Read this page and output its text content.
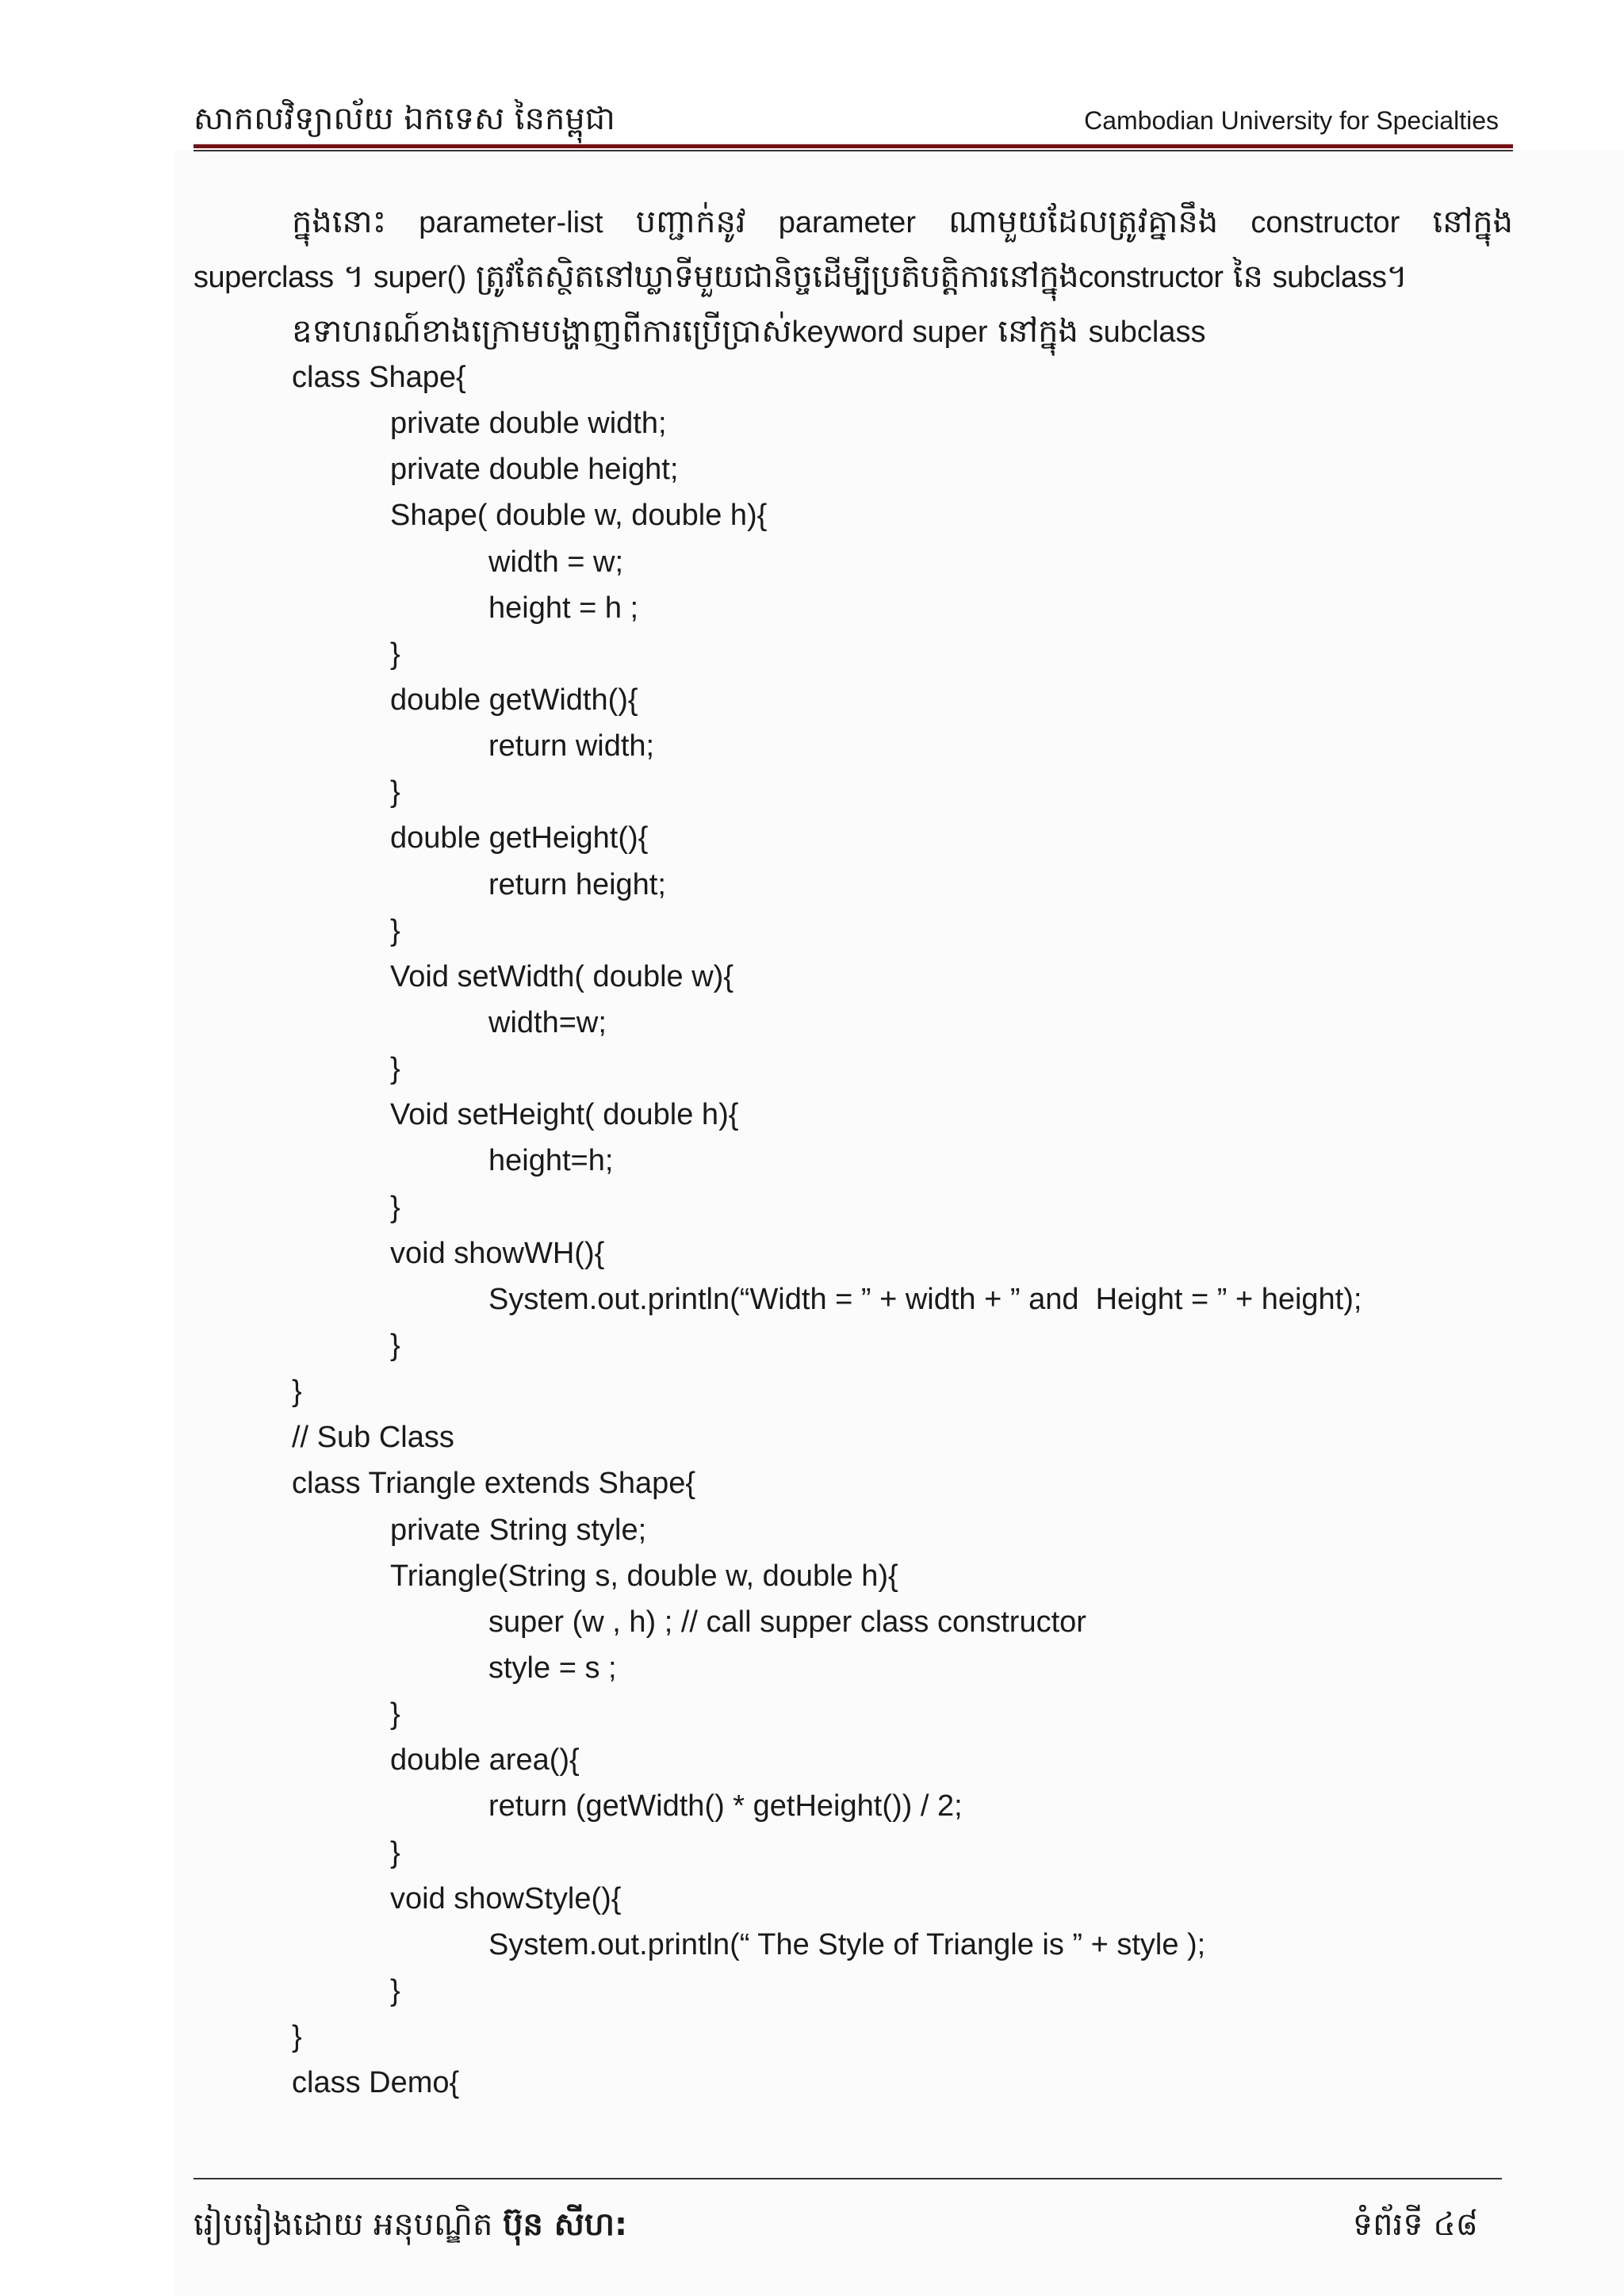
សាកលវិទ្យាល័យ ឯកទេស នៃកម្ពុជា	Cambodian University for Specialties

ក្នុងនោះ parameter-list បញ្ជាក់នូវ parameter ណាមួយដែលត្រូវគ្នានឹង constructor នៅក្នុង

superclass ។ super() ត្រូវតែស្ថិតនៅឃ្លាទីមួយជានិច្ចដើម្បីប្រតិបត្តិការនៅក្នុងconstructor នៃ subclass។

ឧទាហរណ៍ខាងក្រោមបង្ហាញពីការប្រើប្រាស់keyword super នៅក្នុង subclass

class Shape{
private double width;
private double height;
Shape( double w, double h){
width = w;
height = h ;
}
double getWidth(){
return width;
}
double getHeight(){
return height;
}
Void setWidth( double w){
width=w;
}
Void setHeight( double h){
height=h;
}
void showWH(){
System.out.println(“Width = ” + width + ” and  Height = ” + height);
}
}
// Sub Class
class Triangle extends Shape{
private String style;
Triangle(String s, double w, double h){
super (w , h) ; // call supper class constructor
style = s ;
}
double area(){
return (getWidth() * getHeight()) / 2;
}
void showStyle(){
System.out.println(“ The Style of Triangle is ” + style );
}
}
class Demo{
រៀបរៀងដោយ អនុបណ្ឌិត ប៊ុន សីហ:	ទំព័រទី ៤៨
